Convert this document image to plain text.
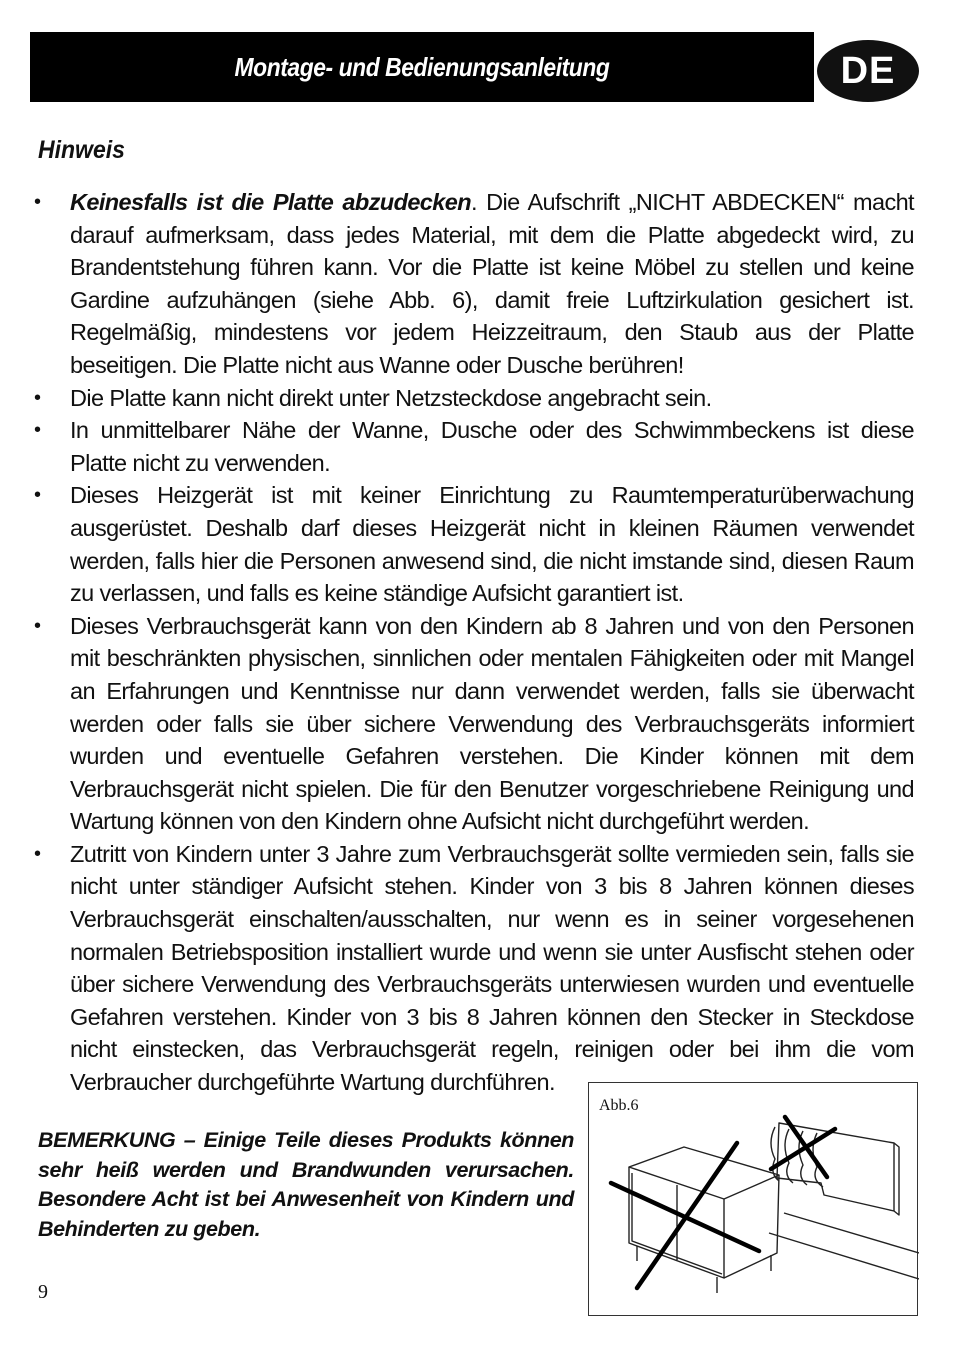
Montage- und Bedienungsanleitung	DE
Hinweis
• Keinesfalls ist die Platte abzudecken. Die Aufschrift „NICHT ABDECKEN“ macht darauf aufmerksam, dass jedes Material, mit dem die Platte abgedeckt wird, zu Brandentstehung führen kann. Vor die Platte ist keine Möbel zu stellen und keine Gardine aufzuhängen (siehe Abb. 6), damit freie Luftzirkulation gesichert ist. Regelmäßig, mindestens vor jedem Heizzeitraum, den Staub aus der Platte beseitigen. Die Platte nicht aus Wanne oder Dusche berühren!
• Die Platte kann nicht direkt unter Netzsteckdose angebracht sein.
• In unmittelbarer Nähe der Wanne, Dusche oder des Schwimmbeckens ist diese Platte nicht zu verwenden.
• Dieses Heizgerät ist mit keiner Einrichtung zu Raumtemperaturüberwachung ausgerüstet. Deshalb darf dieses Heizgerät nicht in kleinen Räumen verwendet werden, falls hier die Personen anwesend sind, die nicht imstande sind, diesen Raum zu verlassen, und falls es keine ständige Aufsicht garantiert ist.
• Dieses Verbrauchsgerät kann von den Kindern ab 8 Jahren und von den Personen mit beschränkten physischen, sinnlichen oder mentalen Fähigkeiten oder mit Mangel an Erfahrungen und Kenntnisse nur dann verwendet werden, falls sie überwacht werden oder falls sie über sichere Verwendung des Verbrauchsgeräts informiert wurden und eventuelle Gefahren verstehen. Die Kinder können mit dem Verbrauchsgerät nicht spielen. Die für den Benutzer vorgeschriebene Reinigung und Wartung können von den Kindern ohne Aufsicht nicht durchgeführt werden.
• Zutritt von Kindern unter 3 Jahre zum Verbrauchsgerät sollte vermieden sein, falls sie nicht unter ständiger Aufsicht stehen. Kinder von 3 bis 8 Jahren können dieses Verbrauchsgerät einschalten/ausschalten, nur wenn es in seiner vorgesehenen normalen Betriebsposition installiert wurde und wenn sie unter Ausfischt stehen oder über sichere Verwendung des Verbrauchsgeräts unterwiesen wurden und eventuelle Gefahren verstehen. Kinder von 3 bis 8 Jahren können den Stecker in Steckdose nicht einstecken, das Verbrauchsgerät regeln, reinigen oder bei ihm die vom Verbraucher durchgeführte Wartung durchführen.
BEMERKUNG – Einige Teile dieses Produkts können sehr heiß werden und Brandwunden verursachen. Besondere Acht ist bei Anwesenheit von Kindern und Behinderten zu geben.
Abb.6
9
